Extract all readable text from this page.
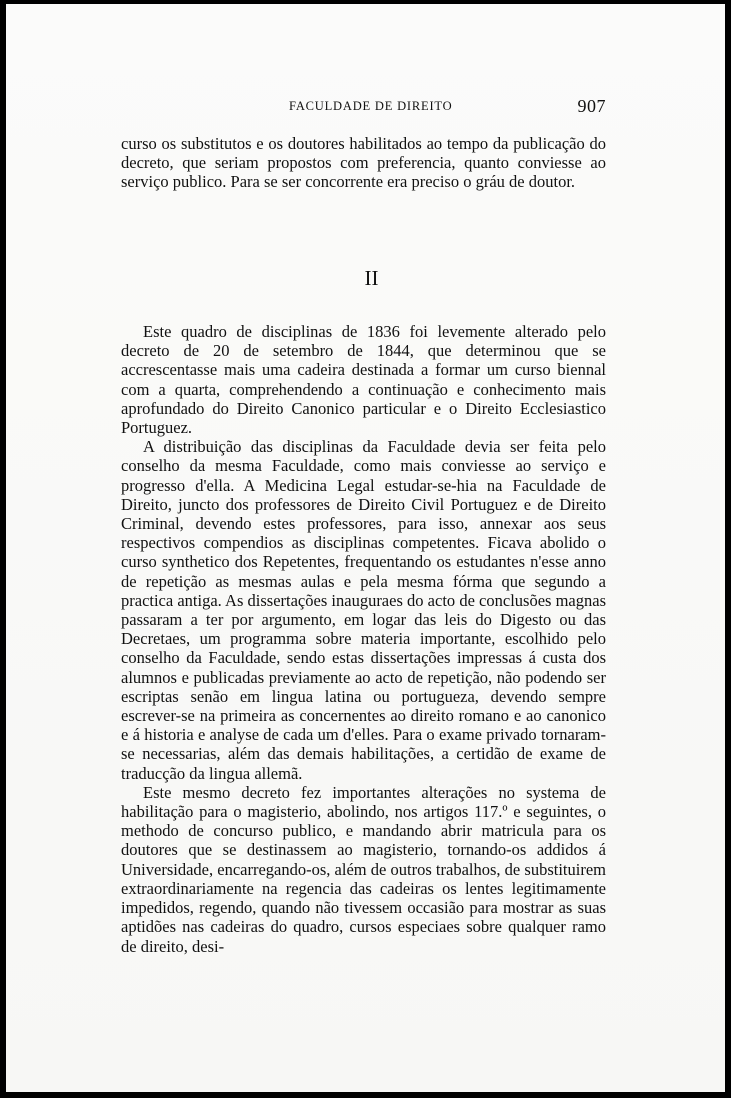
FACULDADE DE DIREITO	907

curso os substitutos e os doutores habilitados ao tempo da publicação do decreto, que seriam propostos com preferencia, quanto conviesse ao serviço publico. Para se ser concorrente era preciso o gráu de doutor.

II

Este quadro de disciplinas de 1836 foi levemente alterado pelo decreto de 20 de setembro de 1844, que determinou que se accrescentasse mais uma cadeira destinada a formar um curso biennal com a quarta, comprehendendo a continuação e conhecimento mais aprofundado do Direito Canonico particular e o Direito Ecclesiastico Portuguez.

A distribuição das disciplinas da Faculdade devia ser feita pelo conselho da mesma Faculdade, como mais conviesse ao serviço e progresso d'ella. A Medicina Legal estudar-se-hia na Faculdade de Direito, juncto dos professores de Direito Civil Portuguez e de Direito Criminal, devendo estes professores, para isso, annexar aos seus respectivos compendios as disciplinas competentes. Ficava abolido o curso synthetico dos Repetentes, frequentando os estudantes n'esse anno de repetição as mesmas aulas e pela mesma fórma que segundo a practica antiga. As dissertações inauguraes do acto de conclusões magnas passaram a ter por argumento, em logar das leis do Digesto ou das Decretaes, um programma sobre materia importante, escolhido pelo conselho da Faculdade, sendo estas dissertações impressas á custa dos alumnos e publicadas previamente ao acto de repetição, não podendo ser escriptas senão em lingua latina ou portugueza, devendo sempre escrever-se na primeira as concernentes ao direito romano e ao canonico e á historia e analyse de cada um d'elles. Para o exame privado tornaram-se necessarias, além das demais habilitações, a certidão de exame de traducção da lingua allemã.

Este mesmo decreto fez importantes alterações no systema de habilitação para o magisterio, abolindo, nos artigos 117.º e seguintes, o methodo de concurso publico, e mandando abrir matricula para os doutores que se destinassem ao magisterio, tornando-os addidos á Universidade, encarregando-os, além de outros trabalhos, de substituirem extraordinariamente na regencia das cadeiras os lentes legitimamente impedidos, regendo, quando não tivessem occasião para mostrar as suas aptidões nas cadeiras do quadro, cursos especiaes sobre qualquer ramo de direito, desi-
